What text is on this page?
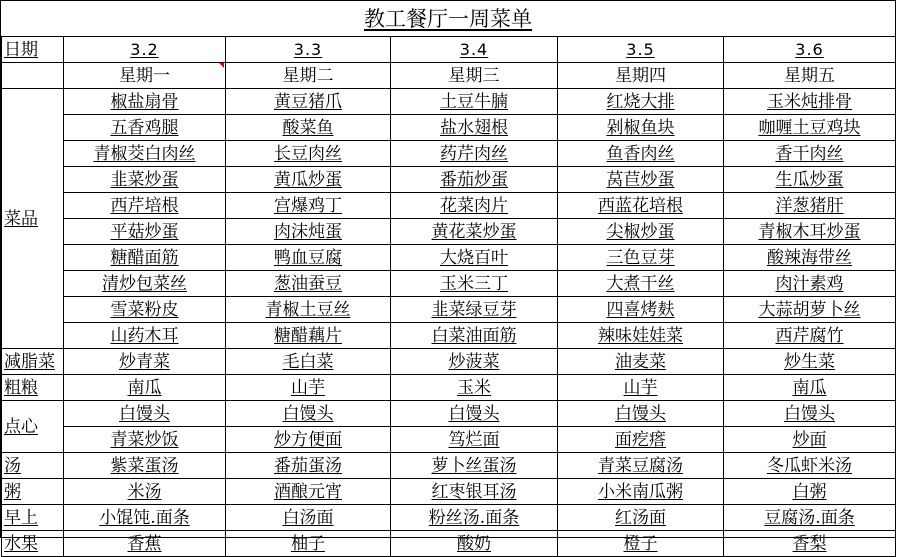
教工餐厅一周菜单
日期	3.2	3.3	3.4	3.5	3.6
	星期一	星期二	星期三	星期四	星期五
菜品	椒盐扇骨	黄豆猪爪	土豆牛腩	红烧大排	玉米炖排骨
	五香鸡腿	酸菜鱼	盐水翅根	剁椒鱼块	咖喱土豆鸡块
	青椒茭白肉丝	长豆肉丝	药芹肉丝	鱼香肉丝	香干肉丝
	韭菜炒蛋	黄瓜炒蛋	番茄炒蛋	莴苣炒蛋	生瓜炒蛋
	西芹培根	宫爆鸡丁	花菜肉片	西蓝花培根	洋葱猪肝
	平菇炒蛋	肉沫炖蛋	黄花菜炒蛋	尖椒炒蛋	青椒木耳炒蛋
	糖醋面筋	鸭血豆腐	大烧百叶	三色豆芽	酸辣海带丝
	清炒包菜丝	葱油蚕豆	玉米三丁	大煮干丝	肉汁素鸡
	雪菜粉皮	青椒土豆丝	韭菜绿豆芽	四喜烤麸	大蒜胡萝卜丝
	山药木耳	糖醋藕片	白菜油面筋	辣味娃娃菜	西芹腐竹
减脂菜	炒青菜	毛白菜	炒菠菜	油麦菜	炒生菜
粗粮	南瓜	山芋	玉米	山芋	南瓜
点心	白馒头	白馒头	白馒头	白馒头	白馒头
	青菜炒饭	炒方便面	笃烂面	面疙瘩	炒面
汤	紫菜蛋汤	番茄蛋汤	萝卜丝蛋汤	青菜豆腐汤	冬瓜虾米汤
粥	米汤	酒酿元宵	红枣银耳汤	小米南瓜粥	白粥
早上	小馄饨.面条	白汤面	粉丝汤.面条	红汤面	豆腐汤.面条
水果	香蕉	柚子	酸奶	橙子	香梨
